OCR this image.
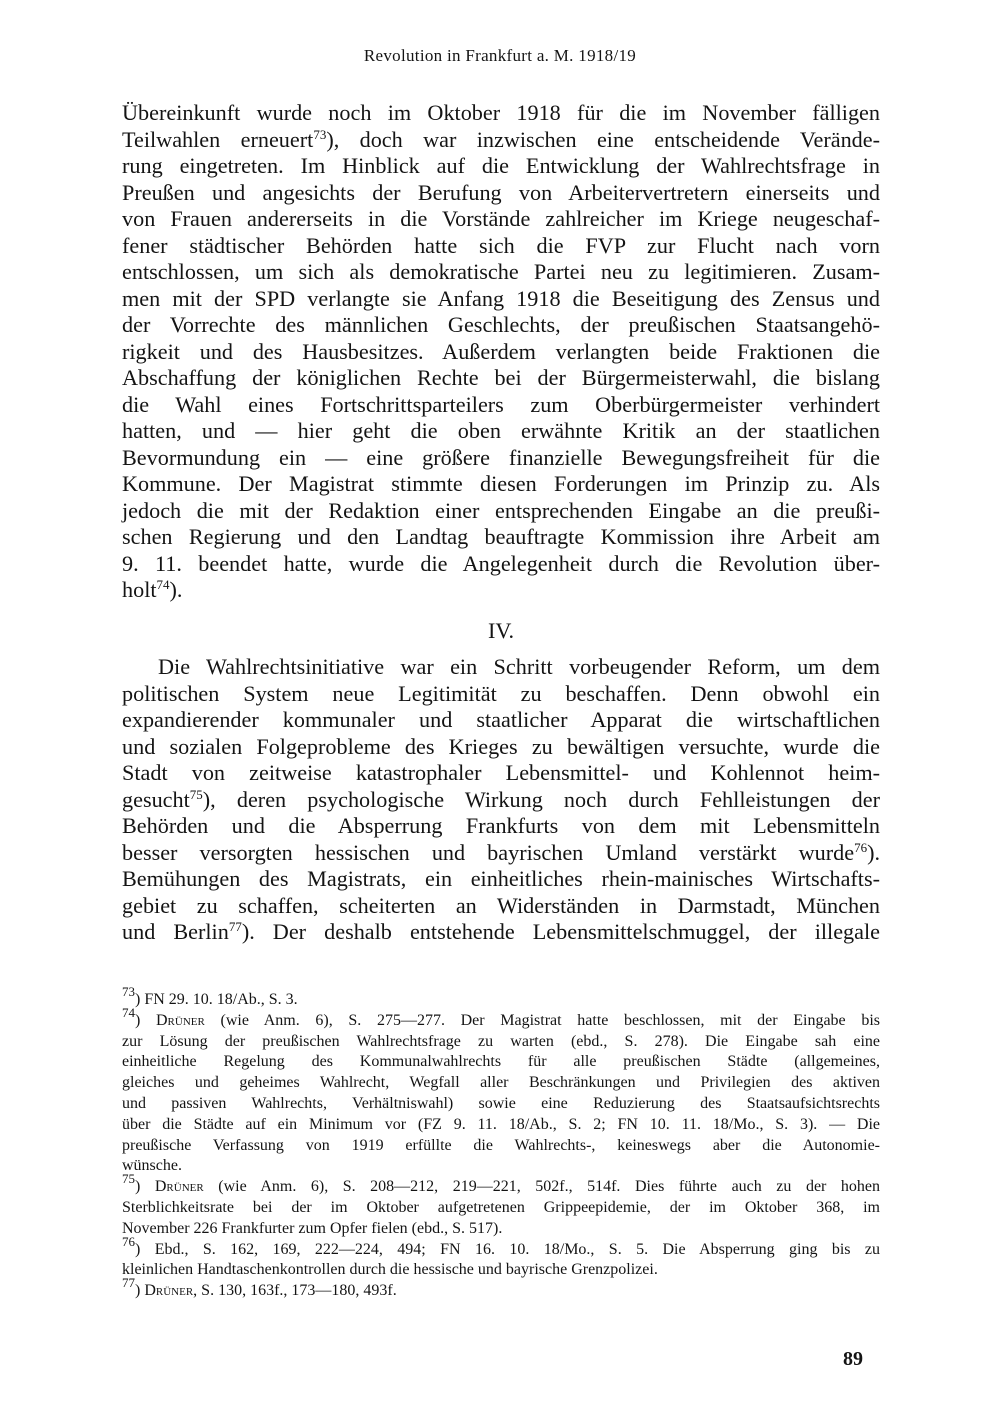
Revolution in Frankfurt a. M. 1918/19
Übereinkunft wurde noch im Oktober 1918 für die im November fälligen
Teilwahlen erneuert$^{73}$), doch war inzwischen eine entscheidende Verände-
rung eingetreten. Im Hinblick auf die Entwicklung der Wahlrechtsfrage in
Preußen und angesichts der Berufung von Arbeitervertretern einerseits und
von Frauen andererseits in die Vorstände zahlreicher im Kriege neugeschaf-
fener städtischer Behörden hatte sich die FVP zur Flucht nach vorn
entschlossen, um sich als demokratische Partei neu zu legitimieren. Zusam-
men mit der SPD verlangte sie Anfang 1918 die Beseitigung des Zensus und
der Vorrechte des männlichen Geschlechts, der preußischen Staatsangehö-
rigkeit und des Hausbesitzes. Außerdem verlangten beide Fraktionen die
Abschaffung der königlichen Rechte bei der Bürgermeisterwahl, die bislang
die Wahl eines Fortschrittsparteilers zum Oberbürgermeister verhindert
hatten, und — hier geht die oben erwähnte Kritik an der staatlichen
Bevormundung ein — eine größere finanzielle Bewegungsfreiheit für die
Kommune. Der Magistrat stimmte diesen Forderungen im Prinzip zu. Als
jedoch die mit der Redaktion einer entsprechenden Eingabe an die preußi-
schen Regierung und den Landtag beauftragte Kommission ihre Arbeit am
9. 11. beendet hatte, wurde die Angelegenheit durch die Revolution über-
holt$^{74}$).
IV.
Die Wahlrechtsinitiative war ein Schritt vorbeugender Reform, um dem
politischen System neue Legitimität zu beschaffen. Denn obwohl ein
expandierender kommunaler und staatlicher Apparat die wirtschaftlichen
und sozialen Folgeprobleme des Krieges zu bewältigen versuchte, wurde die
Stadt von zeitweise katastrophaler Lebensmittel- und Kohlennot heim-
gesucht$^{75}$), deren psychologische Wirkung noch durch Fehlleistungen der
Behörden und die Absperrung Frankfurts von dem mit Lebensmitteln
besser versorgten hessischen und bayrischen Umland verstärkt wurde$^{76}$).
Bemühungen des Magistrats, ein einheitliches rhein-mainisches Wirtschafts-
gebiet zu schaffen, scheiterten an Widerständen in Darmstadt, München
und Berlin$^{77}$). Der deshalb entstehende Lebensmittelschmuggel, der illegale
$^{73}$) FN 29. 10. 18/Ab., S. 3.
$^{74}$) Drüner (wie Anm. 6), S. 275—277. Der Magistrat hatte beschlossen, mit der Eingabe bis
zur Lösung der preußischen Wahlrechtsfrage zu warten (ebd., S. 278). Die Eingabe sah eine
einheitliche Regelung des Kommunalwahlrechts für alle preußischen Städte (allgemeines,
gleiches und geheimes Wahlrecht, Wegfall aller Beschränkungen und Privilegien des aktiven
und passiven Wahlrechts, Verhältniswahl) sowie eine Reduzierung des Staatsaufsichtsrechts
über die Städte auf ein Minimum vor (FZ 9. 11. 18/Ab., S. 2; FN 10. 11. 18/Mo., S. 3). — Die
preußische Verfassung von 1919 erfüllte die Wahlrechts-, keineswegs aber die Autonomie-
wünsche.
$^{75}$) Drüner (wie Anm. 6), S. 208—212, 219—221, 502f., 514f. Dies führte auch zu der hohen
Sterblichkeitsrate bei der im Oktober aufgetretenen Grippeepidemie, der im Oktober 368, im
November 226 Frankfurter zum Opfer fielen (ebd., S. 517).
$^{76}$) Ebd., S. 162, 169, 222—224, 494; FN 16. 10. 18/Mo., S. 5. Die Absperrung ging bis zu
kleinlichen Handtaschenkontrollen durch die hessische und bayrische Grenzpolizei.
$^{77}$) Drüner, S. 130, 163f., 173—180, 493f.
89
